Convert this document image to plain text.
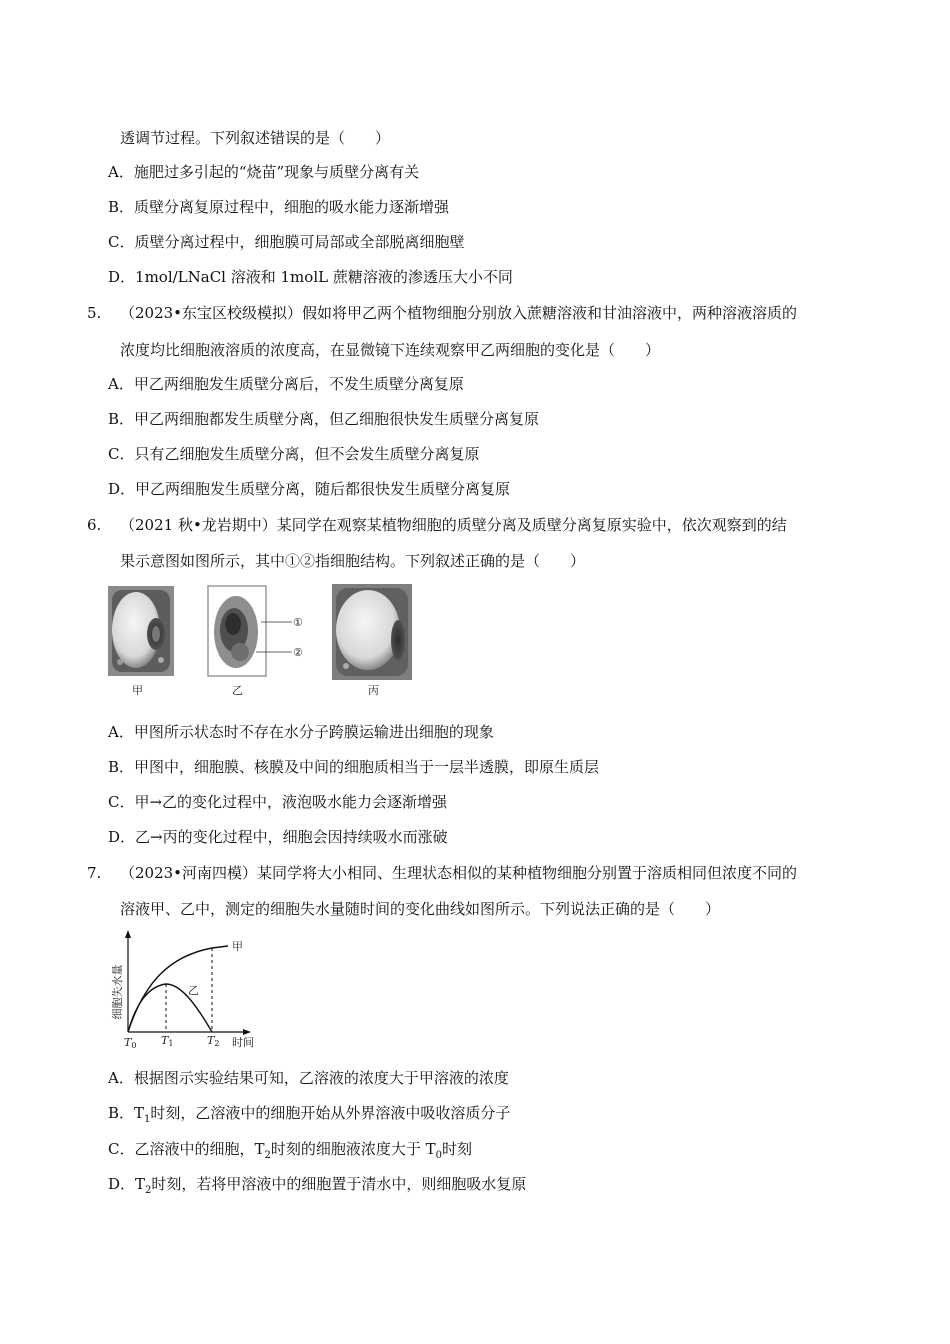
透调节过程。下列叙述错误的是（　　）
A．施肥过多引起的“烧苗”现象与质壁分离有关
B．质壁分离复原过程中，细胞的吸水能力逐渐增强
C．质壁分离过程中，细胞膜可局部或全部脱离细胞壁
D．1mol/LNaCl 溶液和 1molL 蔗糖溶液的渗透压大小不同
5. （2023•东宝区校级模拟）假如将甲乙两个植物细胞分别放入蔗糖溶液和甘油溶液中，两种溶液溶质的
浓度均比细胞液溶质的浓度高，在显微镜下连续观察甲乙两细胞的变化是（　　）
A．甲乙两细胞发生质壁分离后，不发生质壁分离复原
B．甲乙两细胞都发生质壁分离，但乙细胞很快发生质壁分离复原
C．只有乙细胞发生质壁分离，但不会发生质壁分离复原
D．甲乙两细胞发生质壁分离，随后都很快发生质壁分离复原
6. （2021 秋•龙岩期中）某同学在观察某植物细胞的质壁分离及质壁分离复原实验中，依次观察到的结
果示意图如图所示，其中①②指细胞结构。下列叙述正确的是（　　）
甲
①
②
乙	丙
A．甲图所示状态时不存在水分子跨膜运输进出细胞的现象
B．甲图中，细胞膜、核膜及中间的细胞质相当于一层半透膜，即原生质层
C．甲→乙的变化过程中，液泡吸水能力会逐渐增强
D．乙→丙的变化过程中，细胞会因持续吸水而涨破
7. （2023•河南四模）某同学将大小相同、生理状态相似的某种植物细胞分别置于溶质相同但浓度不同的
溶液甲、乙中，测定的细胞失水量随时间的变化曲线如图所示。下列说法正确的是（　　）
细胞失水量
甲
乙
T0 T1	T2 时间
A．根据图示实验结果可知，乙溶液的浓度大于甲溶液的浓度
B．$T_1$时刻，乙溶液中的细胞开始从外界溶液中吸收溶质分子
C．乙溶液中的细胞，$T_2$时刻的细胞液浓度大于 $T_0$时刻
D．$T_2$时刻，若将甲溶液中的细胞置于清水中，则细胞吸水复原
